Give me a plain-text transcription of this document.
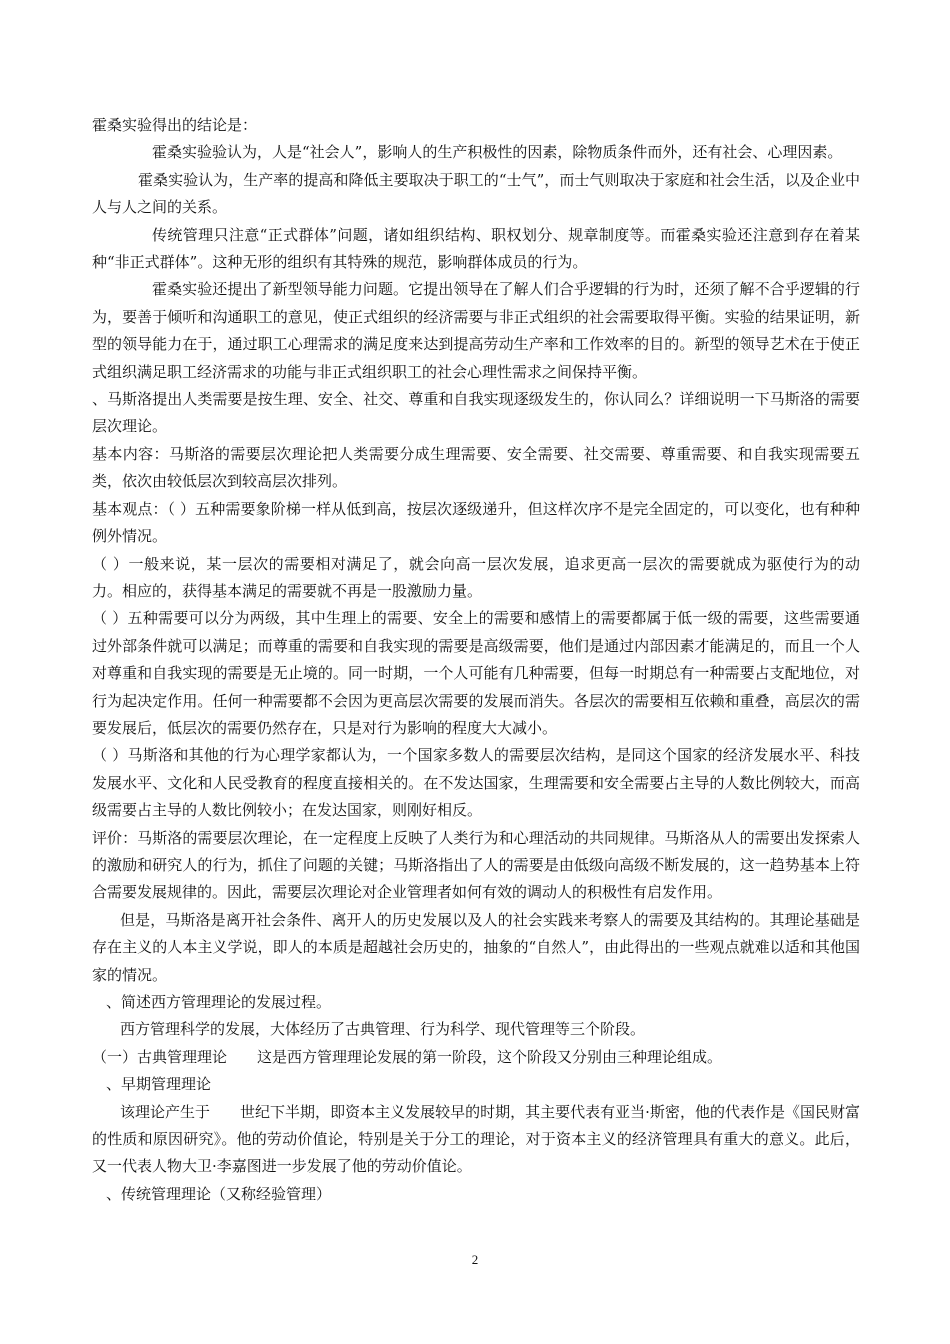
霍桑实验得出的结论是：

霍桑实验验认为，人是“社会人”，影响人的生产积极性的因素，除物质条件而外，还有社会、心理因素。

霍桑实验认为，生产率的提高和降低主要取决于职工的“士气”，而士气则取决于家庭和社会生活，以及企业中人与人之间的关系。

传统管理只注意“正式群体”问题，诸如组织结构、职权划分、规章制度等。而霍桑实验还注意到存在着某种“非正式群体”。这种无形的组织有其特殊的规范，影响群体成员的行为。

霍桑实验还提出了新型领导能力问题。它提出领导在了解人们合乎逻辑的行为时，还须了解不合乎逻辑的行为，要善于倾听和沟通职工的意见，使正式组织的经济需要与非正式组织的社会需要取得平衡。实验的结果证明，新型的领导能力在于，通过职工心理需求的满足度来达到提高劳动生产率和工作效率的目的。新型的领导艺术在于使正式组织满足职工经济需求的功能与非正式组织职工的社会心理性需求之间保持平衡。

、马斯洛提出人类需要是按生理、安全、社交、尊重和自我实现逐级发生的，你认同么？详细说明一下马斯洛的需要层次理论。

基本内容：马斯洛的需要层次理论把人类需要分成生理需要、安全需要、社交需要、尊重需要、和自我实现需要五类，依次由较低层次到较高层次排列。

基本观点：（ ）五种需要象阶梯一样从低到高，按层次逐级递升，但这样次序不是完全固定的，可以变化，也有种种例外情况。

（ ）一般来说，某一层次的需要相对满足了，就会向高一层次发展，追求更高一层次的需要就成为驱使行为的动力。相应的，获得基本满足的需要就不再是一股激励力量。

（ ）五种需要可以分为两级，其中生理上的需要、安全上的需要和感情上的需要都属于低一级的需要，这些需要通过外部条件就可以满足；而尊重的需要和自我实现的需要是高级需要，他们是通过内部因素才能满足的，而且一个人对尊重和自我实现的需要是无止境的。同一时期，一个人可能有几种需要，但每一时期总有一种需要占支配地位，对行为起决定作用。任何一种需要都不会因为更高层次需要的发展而消失。各层次的需要相互依赖和重叠，高层次的需要发展后，低层次的需要仍然存在，只是对行为影响的程度大大减小。

（ ）马斯洛和其他的行为心理学家都认为，一个国家多数人的需要层次结构，是同这个国家的经济发展水平、科技发展水平、文化和人民受教育的程度直接相关的。在不发达国家，生理需要和安全需要占主导的人数比例较大，而高级需要占主导的人数比例较小；在发达国家，则刚好相反。

评价：马斯洛的需要层次理论，在一定程度上反映了人类行为和心理活动的共同规律。马斯洛从人的需要出发探索人的激励和研究人的行为，抓住了问题的关键；马斯洛指出了人的需要是由低级向高级不断发展的，这一趋势基本上符合需要发展规律的。因此，需要层次理论对企业管理者如何有效的调动人的积极性有启发作用。

但是，马斯洛是离开社会条件、离开人的历史发展以及人的社会实践来考察人的需要及其结构的。其理论基础是存在主义的人本主义学说，即人的本质是超越社会历史的，抽象的“自然人”，由此得出的一些观点就难以适和其他国家的情况。

、简述西方管理理论的发展过程。

西方管理科学的发展，大体经历了古典管理、行为科学、现代管理等三个阶段。

（一）古典管理理论　　这是西方管理理论发展的第一阶段，这个阶段又分别由三种理论组成。

、早期管理理论

该理论产生于　　世纪下半期，即资本主义发展较早的时期，其主要代表有亚当·斯密，他的代表作是《国民财富的性质和原因研究》。他的劳动价值论，特别是关于分工的理论，对于资本主义的经济管理具有重大的意义。此后，又一代表人物大卫·李嘉图进一步发展了他的劳动价值论。

、传统管理理论（又称经验管理）

2
